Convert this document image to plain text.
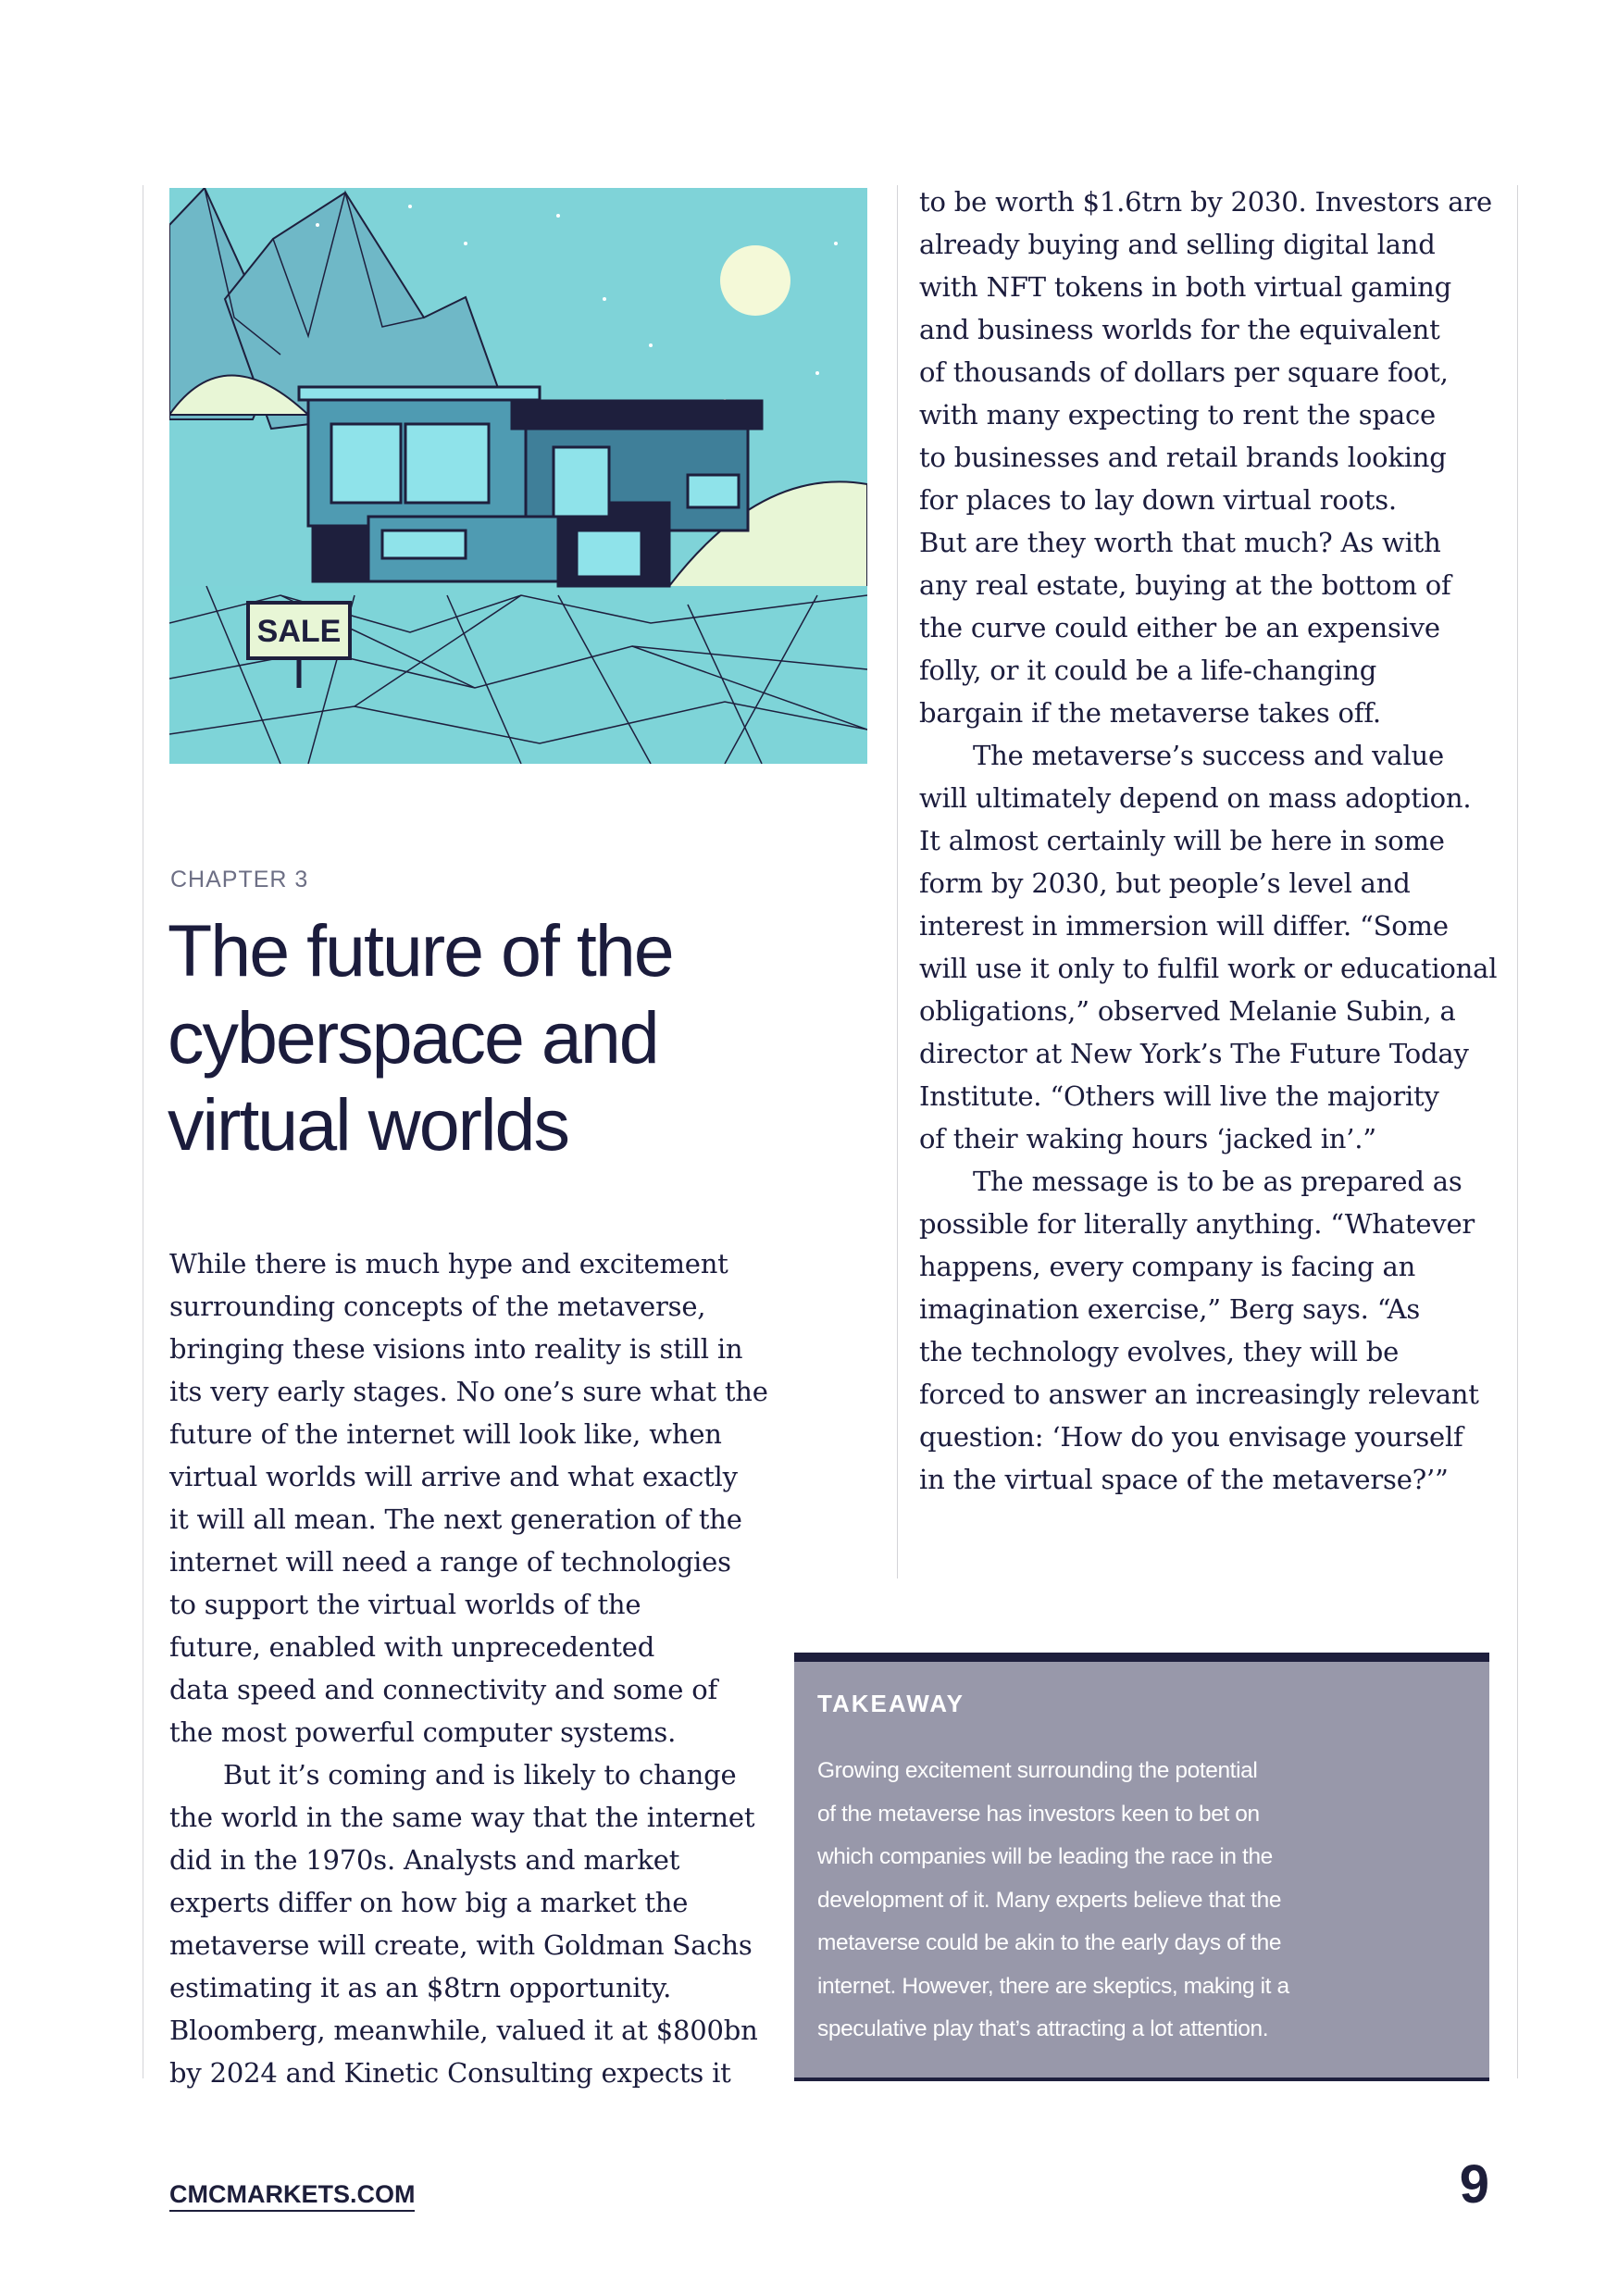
SALE
CHAPTER 3
The future of the
cyberspace and
virtual worlds
While there is much hype and excitement
surrounding concepts of the metaverse,
bringing these visions into reality is still in
its very early stages. No one’s sure what the
future of the internet will look like, when
virtual worlds will arrive and what exactly
it will all mean. The next generation of the
internet will need a range of technologies
to support the virtual worlds of the
future, enabled with unprecedented
data speed and connectivity and some of
the most powerful computer systems.
But it’s coming and is likely to change
the world in the same way that the internet
did in the 1970s. Analysts and market
experts differ on how big a market the
metaverse will create, with Goldman Sachs
estimating it as an $8trn opportunity.
Bloomberg, meanwhile, valued it at $800bn
by 2024 and Kinetic Consulting expects it
to be worth $1.6trn by 2030. Investors are
already buying and selling digital land
with NFT tokens in both virtual gaming
and business worlds for the equivalent
of thousands of dollars per square foot,
with many expecting to rent the space
to businesses and retail brands looking
for places to lay down virtual roots.
But are they worth that much? As with
any real estate, buying at the bottom of
the curve could either be an expensive
folly, or it could be a life-changing
bargain if the metaverse takes off.
The metaverse’s success and value
will ultimately depend on mass adoption.
It almost certainly will be here in some
form by 2030, but people’s level and
interest in immersion will differ. “Some
will use it only to fulfil work or educational
obligations,” observed Melanie Subin, a
director at New York’s The Future Today
Institute. “Others will live the majority
of their waking hours ‘jacked in’.”
The message is to be as prepared as
possible for literally anything. “Whatever
happens, every company is facing an
imagination exercise,” Berg says. “As
the technology evolves, they will be
forced to answer an increasingly relevant
question: ‘How do you envisage yourself
in the virtual space of the metaverse?’”
TAKEAWAY
Growing excitement surrounding the potential
of the metaverse has investors keen to bet on
which companies will be leading the race in the
development of it. Many experts believe that the
metaverse could be akin to the early days of the
internet. However, there are skeptics, making it a
speculative play that’s attracting a lot attention.
CMCMARKETS.COM	9
